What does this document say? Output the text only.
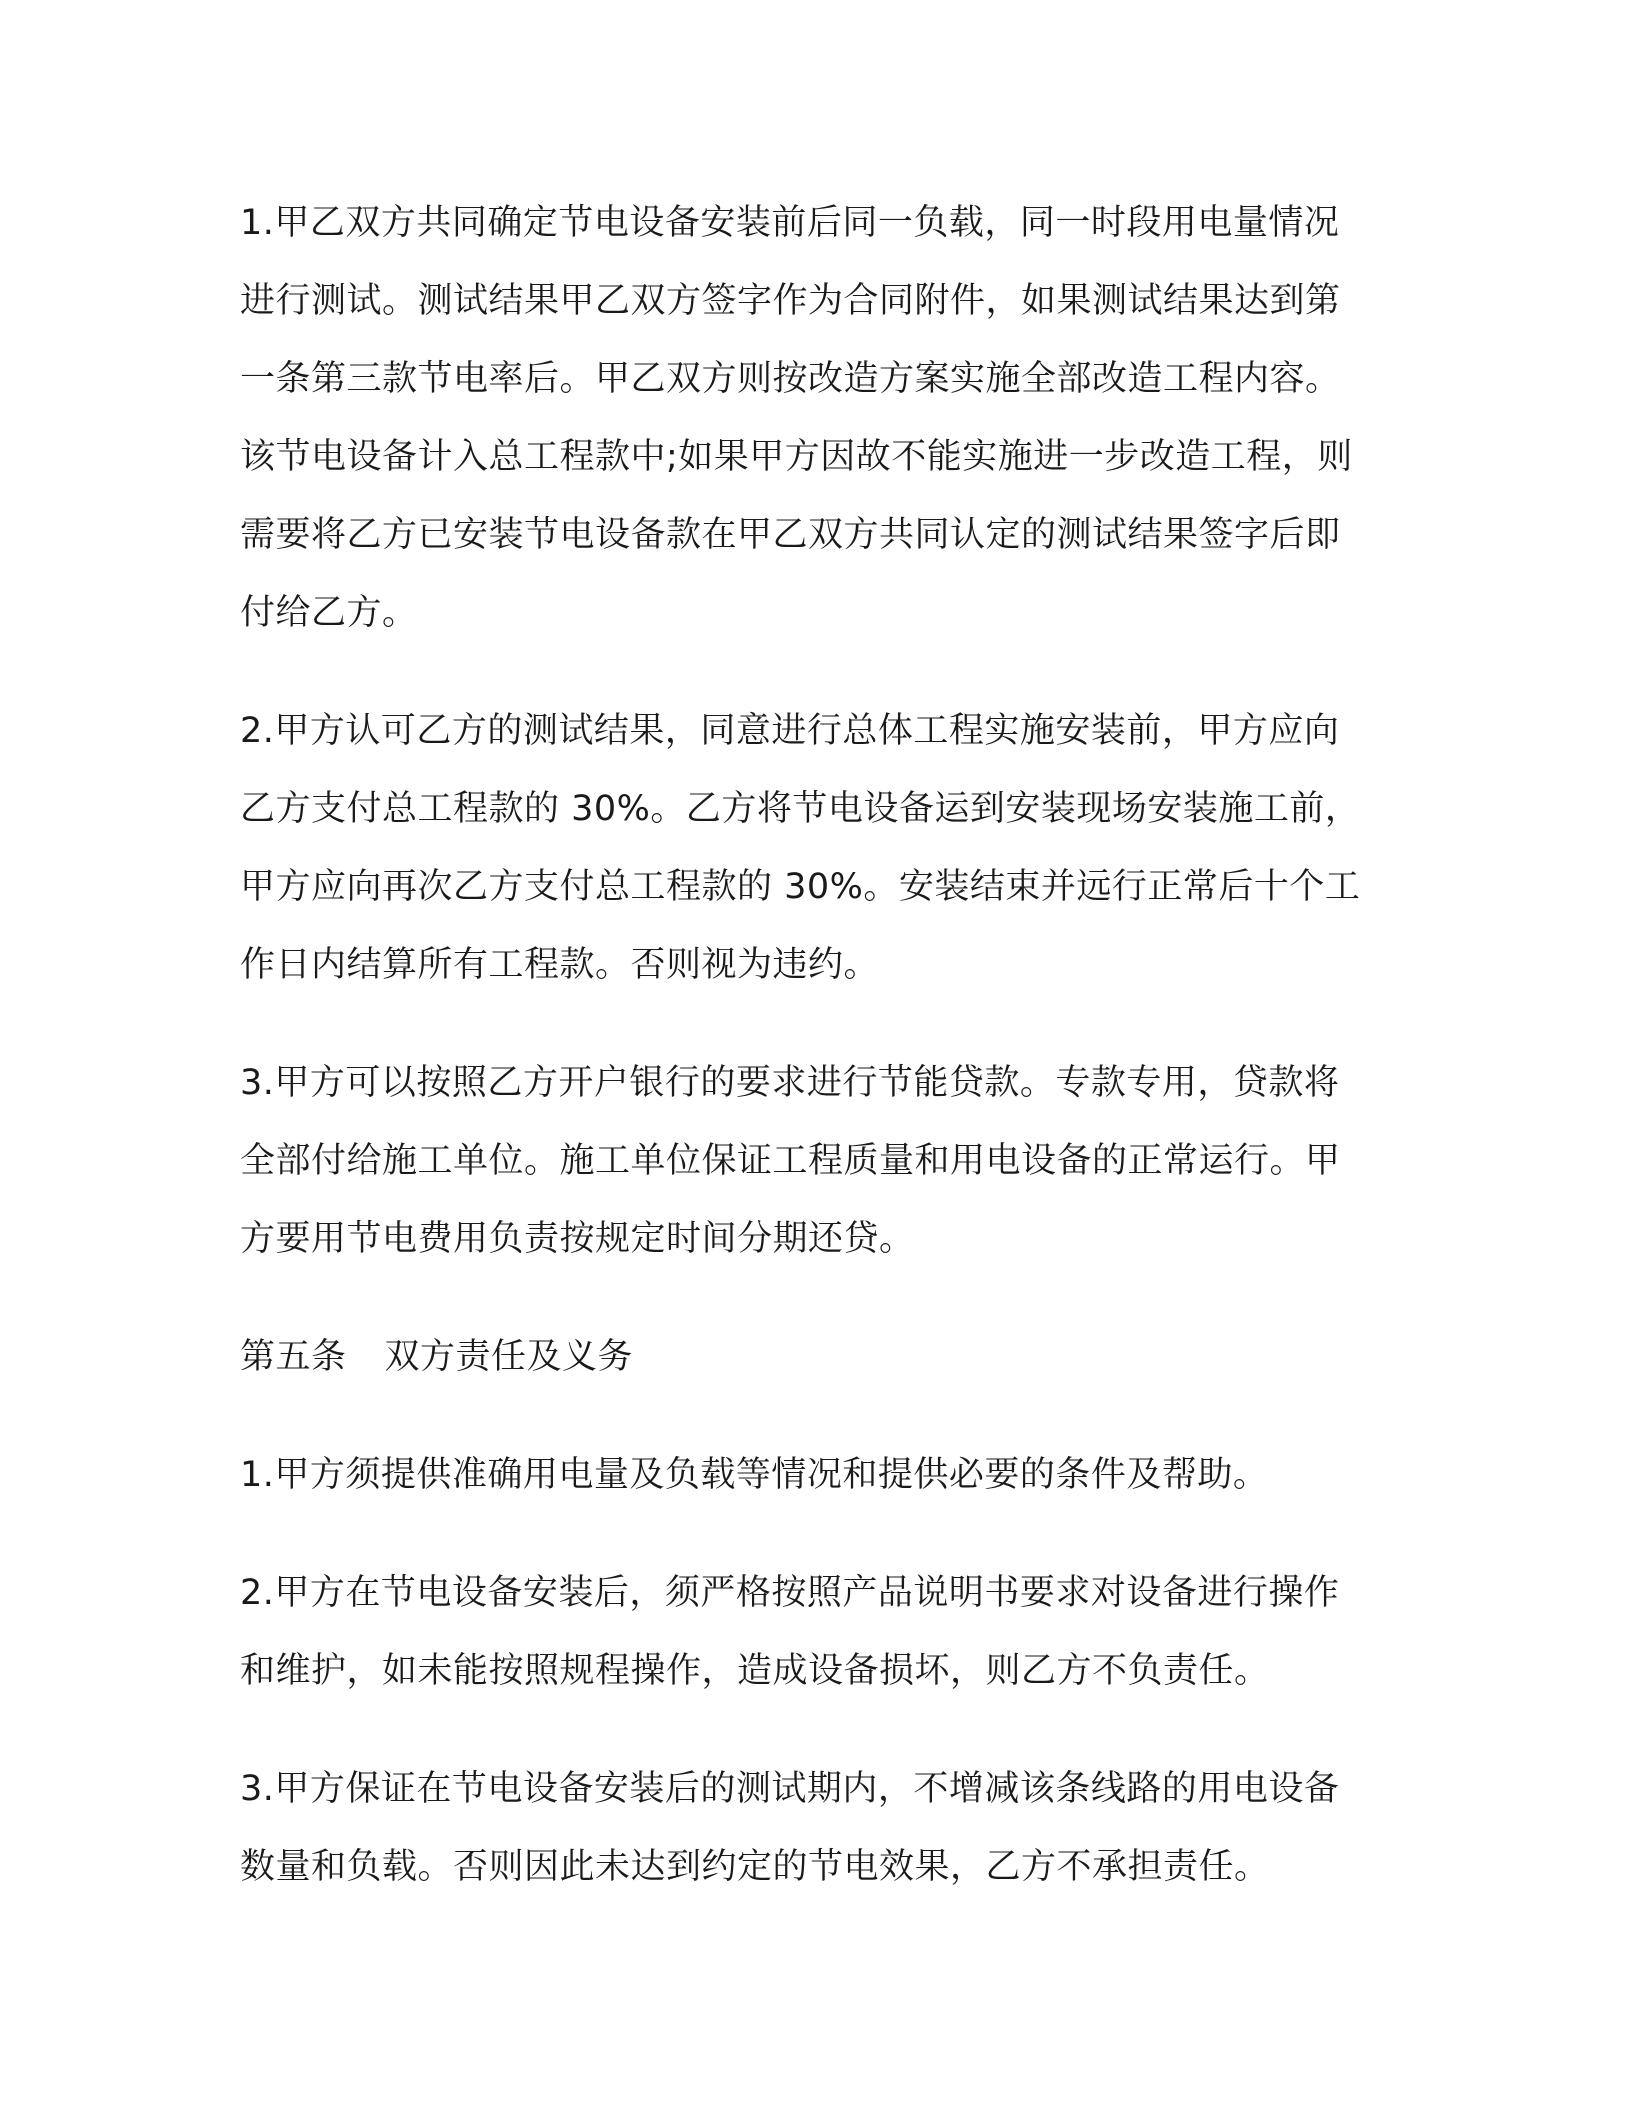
1.甲乙双方共同确定节电设备安装前后同一负载，同一时段用电量情况进行测试。测试结果甲乙双方签字作为合同附件，如果测试结果达到第一条第三款节电率后。甲乙双方则按改造方案实施全部改造工程内容。该节电设备计入总工程款中;如果甲方因故不能实施进一步改造工程，则需要将乙方已安装节电设备款在甲乙双方共同认定的测试结果签字后即付给乙方。

2.甲方认可乙方的测试结果，同意进行总体工程实施安装前，甲方应向乙方支付总工程款的 30%。乙方将节电设备运到安装现场安装施工前，甲方应向再次乙方支付总工程款的 30%。安装结束并远行正常后十个工作日内结算所有工程款。否则视为违约。

3.甲方可以按照乙方开户银行的要求进行节能贷款。专款专用，贷款将全部付给施工单位。施工单位保证工程质量和用电设备的正常运行。甲方要用节电费用负责按规定时间分期还贷。

第五条 双方责任及义务

1.甲方须提供准确用电量及负载等情况和提供必要的条件及帮助。

2.甲方在节电设备安装后，须严格按照产品说明书要求对设备进行操作和维护，如未能按照规程操作，造成设备损坏，则乙方不负责任。

3.甲方保证在节电设备安装后的测试期内，不增减该条线路的用电设备数量和负载。否则因此未达到约定的节电效果，乙方不承担责任。
